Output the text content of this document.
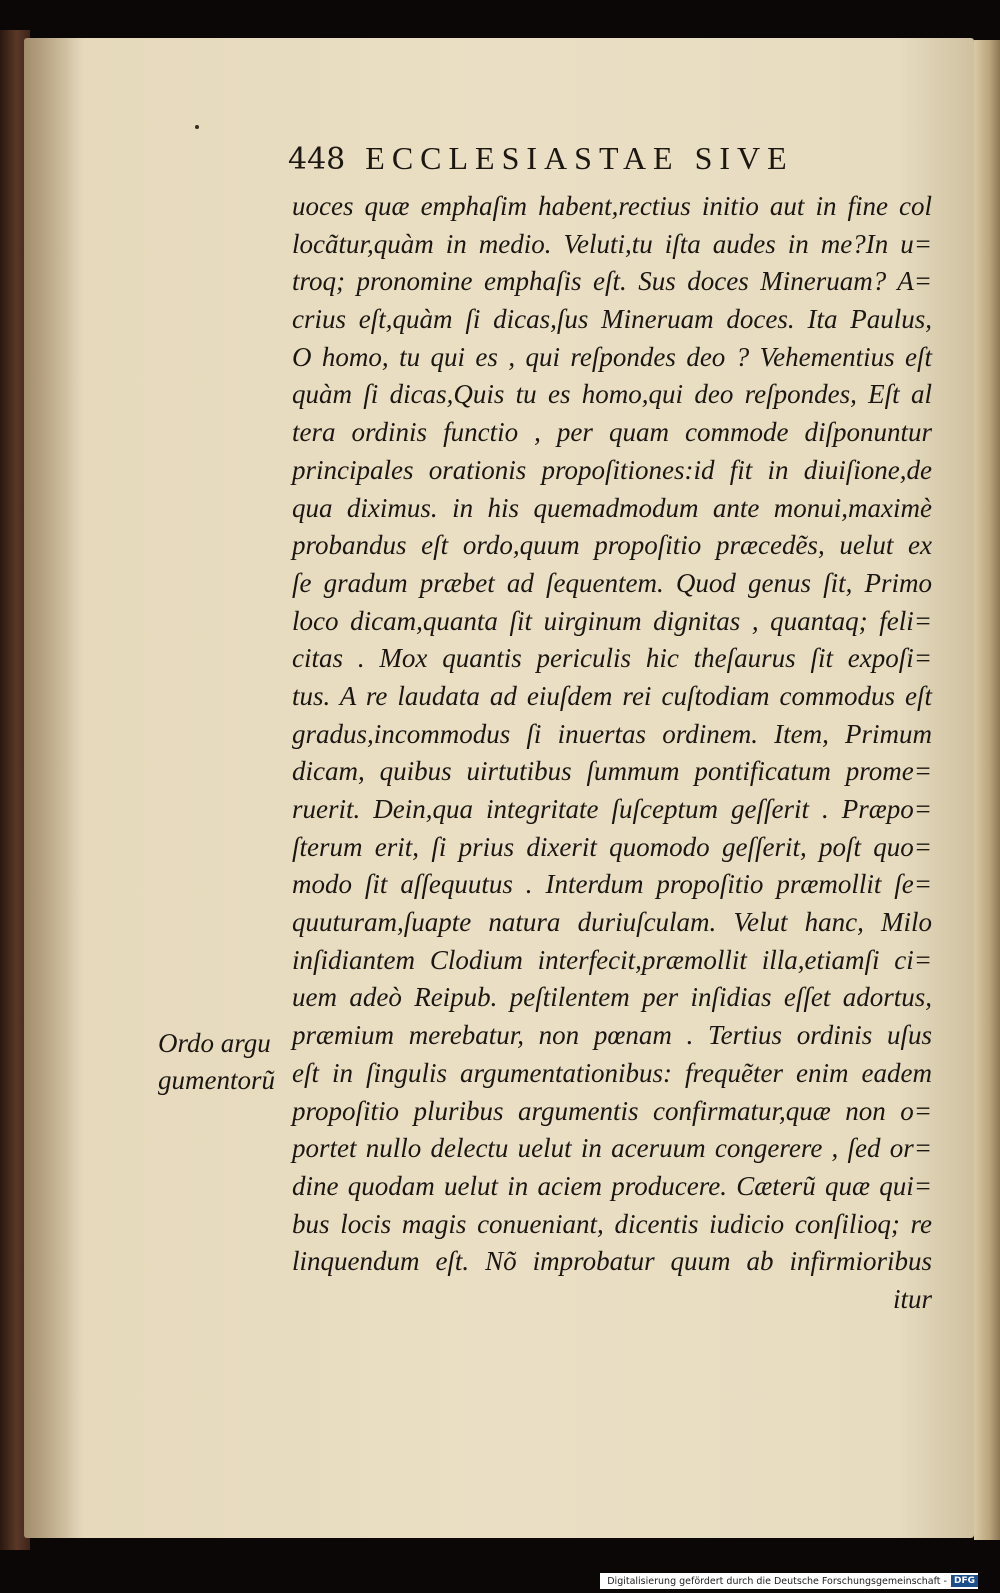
448 ECCLESIASTAE SIVE
uoces quæ emphaſim habent,rectius initio aut in fine col
locãtur,quàm in medio. Veluti,tu iſta audes in me?In u=
troq; pronomine emphaſis eſt. Sus doces Mineruam? A=
crius eſt,quàm ſi dicas,ſus Mineruam doces. Ita Paulus,
O homo, tu qui es , qui reſpondes deo ? Vehementius eſt
quàm ſi dicas,Quis tu es homo,qui deo reſpondes, Eſt al
tera ordinis functio , per quam commode diſponuntur
principales orationis propoſitiones:id fit in diuiſione,de
qua diximus. in his quemadmodum ante monui,maximè
probandus eſt ordo,quum propoſitio præcedẽs, uelut ex
ſe gradum præbet ad ſequentem. Quod genus ſit, Primo
loco dicam,quanta ſit uirginum dignitas , quantaq; feli=
citas . Mox quantis periculis hic theſaurus ſit expoſi=
tus. A re laudata ad eiuſdem rei cuſtodiam commodus eſt
gradus,incommodus ſi inuertas ordinem. Item, Primum
dicam, quibus uirtutibus ſummum pontificatum prome=
ruerit. Dein,qua integritate ſuſceptum geſſerit . Præpo=
ſterum erit, ſi prius dixerit quomodo geſſerit, poſt quo=
modo ſit aſſequutus . Interdum propoſitio præmollit ſe=
quuturam,ſuapte natura duriuſculam. Velut hanc, Milo
inſidiantem Clodium interfecit,præmollit illa,etiamſi ci=
uem adeò Reipub. peſtilentem per inſidias eſſet adortus,
præmium merebatur, non pœnam . Tertius ordinis uſus
eſt in ſingulis argumentationibus: frequẽter enim eadem
propoſitio pluribus argumentis confirmatur,quæ non o=
portet nullo delectu uelut in aceruum congerere , ſed or=
dine quodam uelut in aciem producere. Cæterũ quæ qui=
bus locis magis conueniant, dicentis iudicio conſilioq; re
linquendum eſt. Nõ improbatur quum ab infirmioribus
itur
Ordo argu
gumentorũ
Digitalisierung gefördert durch die Deutsche Forschungsgemeinschaft - DFG
